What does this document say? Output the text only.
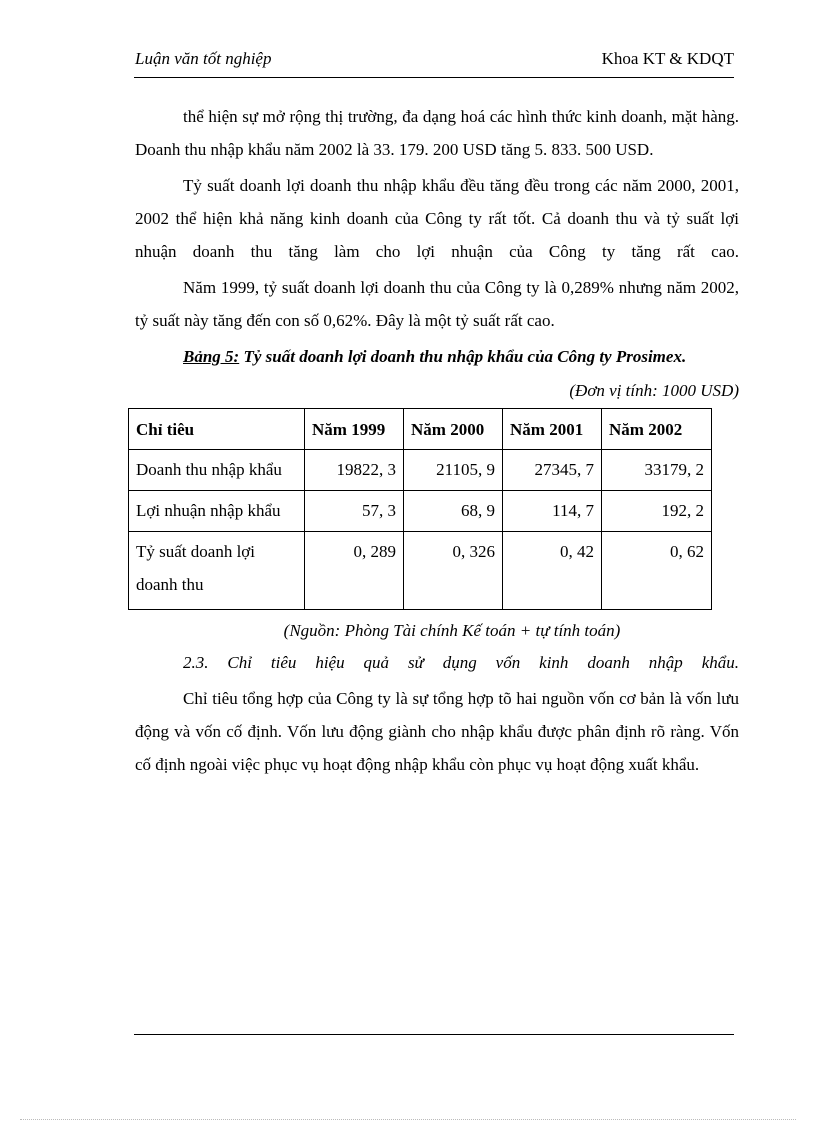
Luận văn tốt nghiệp	Khoa KT & KDQT

thể hiện sự mở rộng thị trường, đa dạng hoá các hình thức kinh doanh, mặt hàng. Doanh thu nhập khẩu năm 2002 là 33. 179. 200 USD tăng 5. 833. 500 USD.

Tỷ suất doanh lợi doanh thu nhập khẩu đều tăng đều trong các năm 2000, 2001, 2002 thể hiện khả năng kinh doanh của Công ty rất tốt. Cả doanh thu và tỷ suất lợi nhuận doanh thu tăng làm cho lợi nhuận của Công ty tăng rất cao.

Năm 1999, tỷ suất doanh lợi doanh thu của Công ty là 0,289% nhưng năm 2002, tỷ suất này tăng đến con số 0,62%. Đây là một tỷ suất rất cao.

Bảng 5: Tỷ suất doanh lợi doanh thu nhập khẩu của Công ty Prosimex.

(Đơn vị tính: 1000 USD)
Chỉ tiêu	Năm 1999	Năm 2000	Năm 2001	Năm 2002
Doanh thu nhập khẩu	19822, 3	21105, 9	27345, 7	33179, 2
Lợi nhuận nhập khẩu	57, 3	68, 9	114, 7	192, 2
Tỷ suất doanh lợi doanh thu	0, 289	0, 326	0, 42	0, 62
(Nguồn: Phòng Tài chính Kế toán + tự tính toán)

2.3. Chỉ tiêu hiệu quả sử dụng vốn kinh doanh nhập khẩu.

Chỉ tiêu tổng hợp của Công ty là sự tổng hợp tõ hai nguồn vốn cơ bản là vốn lưu động và vốn cố định. Vốn lưu động giành cho nhập khẩu được phân định rõ ràng. Vốn cố định ngoài việc phục vụ hoạt động nhập khẩu còn phục vụ hoạt động xuất khẩu.
